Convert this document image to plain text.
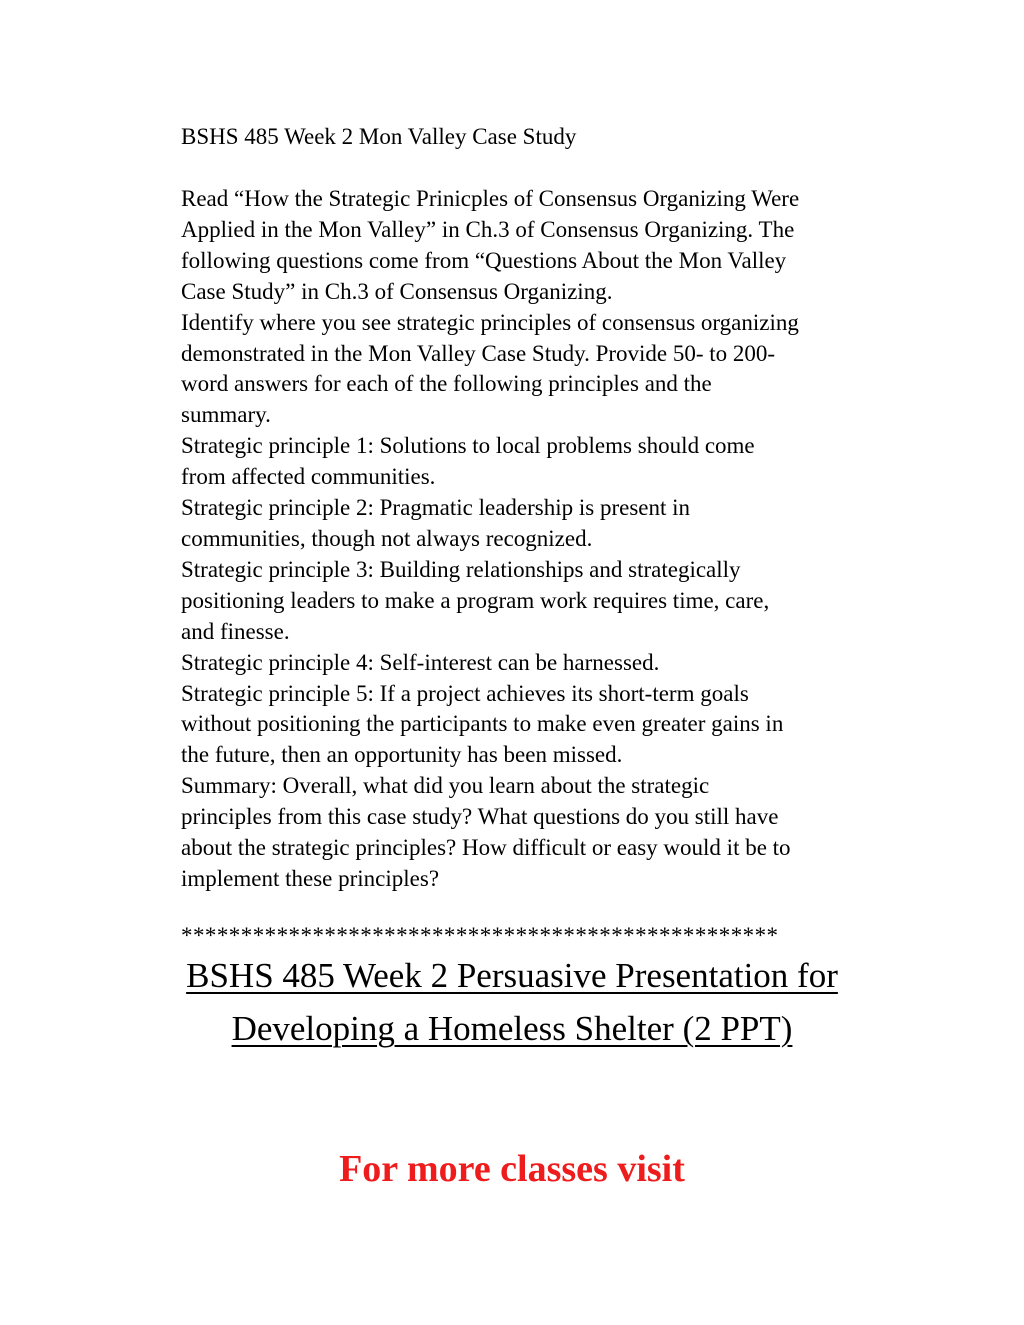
BSHS 485 Week 2 Mon Valley Case Study
Read “How the Strategic Prinicples of Consensus Organizing Were
Applied in the Mon Valley” in Ch.3 of Consensus Organizing. The
following questions come from “Questions About the Mon Valley
Case Study” in Ch.3 of Consensus Organizing.
Identify where you see strategic principles of consensus organizing
demonstrated in the Mon Valley Case Study. Provide 50- to 200-
word answers for each of the following principles and the
summary.
Strategic principle 1: Solutions to local problems should come
from affected communities.
Strategic principle 2: Pragmatic leadership is present in
communities, though not always recognized.
Strategic principle 3: Building relationships and strategically
positioning leaders to make a program work requires time, care,
and finesse.
Strategic principle 4: Self-interest can be harnessed.
Strategic principle 5: If a project achieves its short-term goals
without positioning the participants to make even greater gains in
the future, then an opportunity has been missed.
Summary: Overall, what did you learn about the strategic
principles from this case study? What questions do you still have
about the strategic principles? How difficult or easy would it be to
implement these principles?
**************************************************
BSHS 485 Week 2 Persuasive Presentation for
Developing a Homeless Shelter (2 PPT)
For more classes visit
